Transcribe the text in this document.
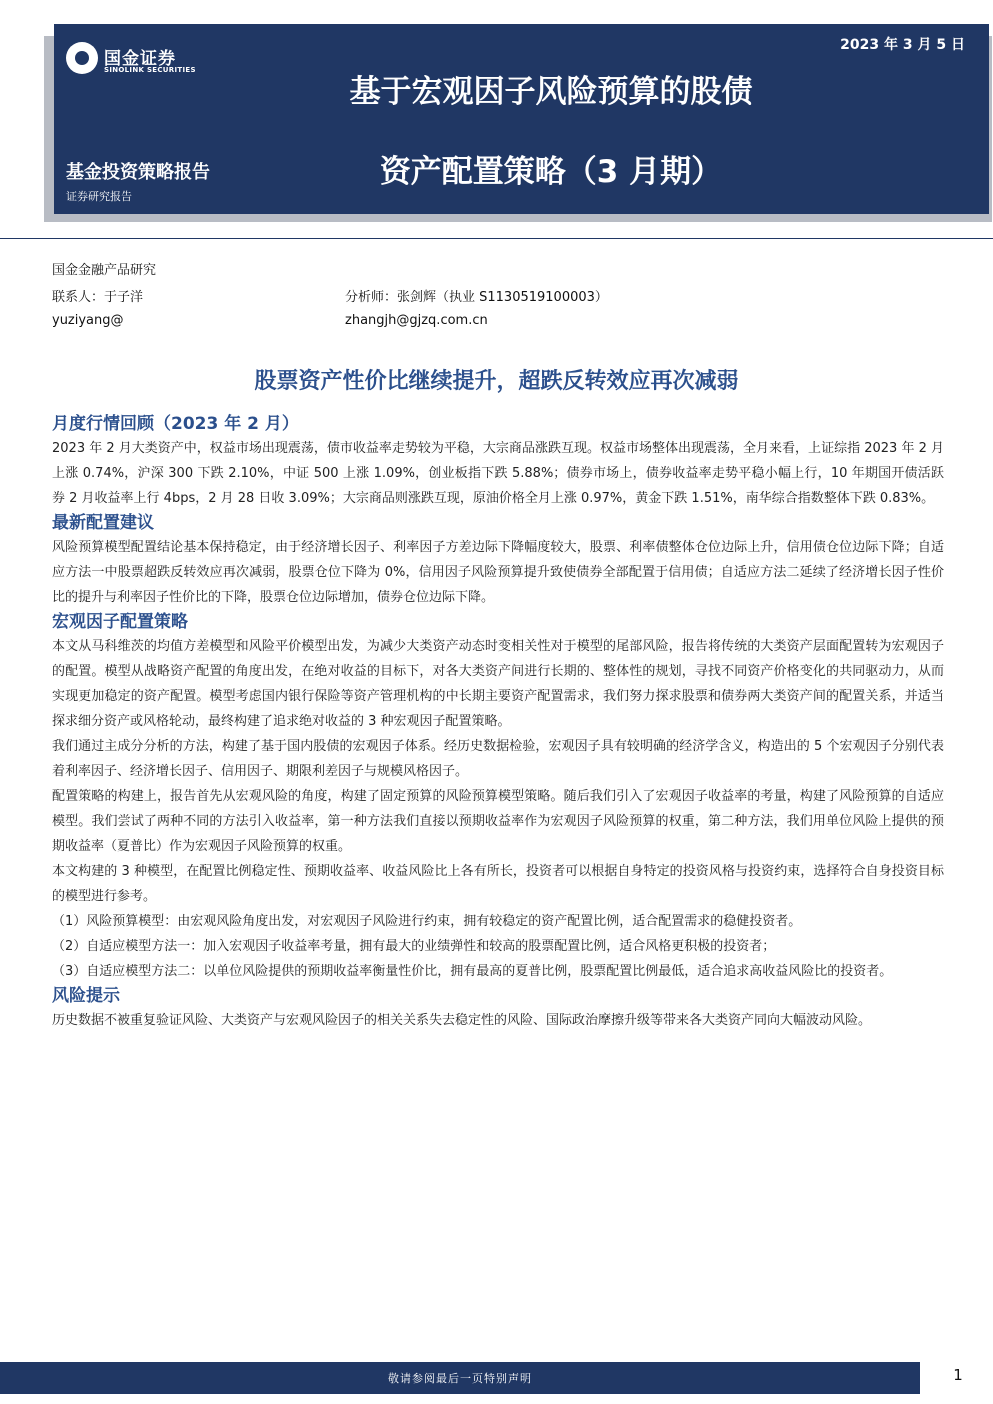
国金证券
SINOLINK SECURITIES
2023 年 3 月 5 日
基于宏观因子风险预算的股债
资产配置策略（3 月期）
基金投资策略报告
证券研究报告
国金金融产品研究
联系人：于子洋
yuziyang@
分析师：张剑辉（执业 S1130519100003）
zhangjh@gjzq.com.cn
股票资产性价比继续提升，超跌反转效应再次减弱
月度行情回顾（2023 年 2 月）

2023 年 2 月大类资产中，权益市场出现震荡，债市收益率走势较为平稳，大宗商品涨跌互现。权益市场整体出现震荡，全月来看，上证综指 2023 年 2 月上涨 0.74%，沪深 300 下跌 2.10%，中证 500 上涨 1.09%，创业板指下跌 5.88%；债券市场上，债券收益率走势平稳小幅上行，10 年期国开债活跃券 2 月收益率上行 4bps，2 月 28 日收 3.09%；大宗商品则涨跌互现，原油价格全月上涨 0.97%，黄金下跌 1.51%，南华综合指数整体下跌 0.83%。

最新配置建议

风险预算模型配置结论基本保持稳定，由于经济增长因子、利率因子方差边际下降幅度较大，股票、利率债整体仓位边际上升，信用债仓位边际下降；自适应方法一中股票超跌反转效应再次减弱，股票仓位下降为 0%，信用因子风险预算提升致使债券全部配置于信用债；自适应方法二延续了经济增长因子性价比的提升与利率因子性价比的下降，股票仓位边际增加，债券仓位边际下降。

宏观因子配置策略

本文从马科维茨的均值方差模型和风险平价模型出发，为减少大类资产动态时变相关性对于模型的尾部风险，报告将传统的大类资产层面配置转为宏观因子的配置。模型从战略资产配置的角度出发，在绝对收益的目标下，对各大类资产间进行长期的、整体性的规划，寻找不同资产价格变化的共同驱动力，从而实现更加稳定的资产配置。模型考虑国内银行保险等资产管理机构的中长期主要资产配置需求，我们努力探求股票和债券两大类资产间的配置关系，并适当探求细分资产或风格轮动，最终构建了追求绝对收益的 3 种宏观因子配置策略。

我们通过主成分分析的方法，构建了基于国内股债的宏观因子体系。经历史数据检验，宏观因子具有较明确的经济学含义，构造出的 5 个宏观因子分别代表着利率因子、经济增长因子、信用因子、期限利差因子与规模风格因子。

配置策略的构建上，报告首先从宏观风险的角度，构建了固定预算的风险预算模型策略。随后我们引入了宏观因子收益率的考量，构建了风险预算的自适应模型。我们尝试了两种不同的方法引入收益率，第一种方法我们直接以预期收益率作为宏观因子风险预算的权重，第二种方法，我们用单位风险上提供的预期收益率（夏普比）作为宏观因子风险预算的权重。

本文构建的 3 种模型，在配置比例稳定性、预期收益率、收益风险比上各有所长，投资者可以根据自身特定的投资风格与投资约束，选择符合自身投资目标的模型进行参考。

（1）风险预算模型：由宏观风险角度出发，对宏观因子风险进行约束，拥有较稳定的资产配置比例，适合配置需求的稳健投资者。

（2）自适应模型方法一：加入宏观因子收益率考量，拥有最大的业绩弹性和较高的股票配置比例，适合风格更积极的投资者；

（3）自适应模型方法二：以单位风险提供的预期收益率衡量性价比，拥有最高的夏普比例，股票配置比例最低，适合追求高收益风险比的投资者。

风险提示

历史数据不被重复验证风险、大类资产与宏观风险因子的相关关系失去稳定性的风险、国际政治摩擦升级等带来各大类资产同向大幅波动风险。

敬请参阅最后一页特别声明	1
